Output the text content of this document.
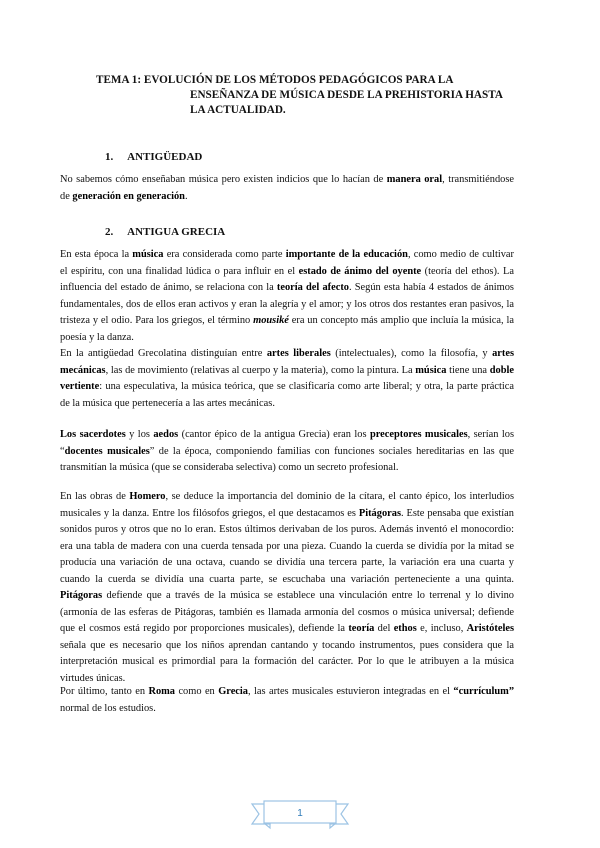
TEMA 1: EVOLUCIÓN DE LOS MÉTODOS PEDAGÓGICOS PARA LA
ENSEÑANZA DE MÚSICA DESDE LA PREHISTORIA HASTA
LA ACTUALIDAD.
1. ANTIGÜEDAD

No sabemos cómo enseñaban música pero existen indicios que lo hacían de manera oral, transmitiéndose de generación en generación.

2. ANTIGUA GRECIA

En esta época la música era considerada como parte importante de la educación, como medio de cultivar el espíritu, con una finalidad lúdica o para influir en el estado de ánimo del oyente (teoría del ethos). La influencia del estado de ánimo, se relaciona con la teoría del afecto. Según esta había 4 estados de ánimos fundamentales, dos de ellos eran activos y eran la alegría y el amor; y los otros dos restantes eran pasivos, la tristeza y el odio. Para los griegos, el término mousiké era un concepto más amplio que incluía la música, la poesía y la danza.

En la antigüedad Grecolatina distinguían entre artes liberales (intelectuales), como la filosofía, y artes mecánicas, las de movimiento (relativas al cuerpo y la materia), como la pintura. La música tiene una doble vertiente: una especulativa, la música teórica, que se clasificaría como arte liberal; y otra, la parte práctica de la música que pertenecería a las artes mecánicas.

Los sacerdotes y los aedos (cantor épico de la antigua Grecia) eran los preceptores musicales, serían los “docentes musicales” de la época, componiendo familias con funciones sociales hereditarias en las que transmitían la música (que se consideraba selectiva) como un secreto profesional.

En las obras de Homero, se deduce la importancia del dominio de la cítara, el canto épico, los interludios musicales y la danza. Entre los filósofos griegos, el que destacamos es Pitágoras. Este pensaba que existían sonidos puros y otros que no lo eran. Estos últimos derivaban de los puros. Además inventó el monocordio: era una tabla de madera con una cuerda tensada por una pieza. Cuando la cuerda se dividía por la mitad se producía una variación de una octava, cuando se dividía una tercera parte, la variación era una cuarta y cuando la cuerda se dividía una cuarta parte, se escuchaba una variación perteneciente a una quinta. Pitágoras defiende que a través de la música se establece una vinculación entre lo terrenal y lo divino (armonía de las esferas de Pitágoras, también es llamada armonía del cosmos o música universal; defiende que el cosmos está regido por proporciones musicales), defiende la teoría del ethos e, incluso, Aristóteles señala que es necesario que los niños aprendan cantando y tocando instrumentos, pues considera que la interpretación musical es primordial para la formación del carácter. Por lo que le atribuyen a la música virtudes únicas.

Por último, tanto en Roma como en Grecia, las artes musicales estuvieron integradas en el “currículum” normal de los estudios.

1
